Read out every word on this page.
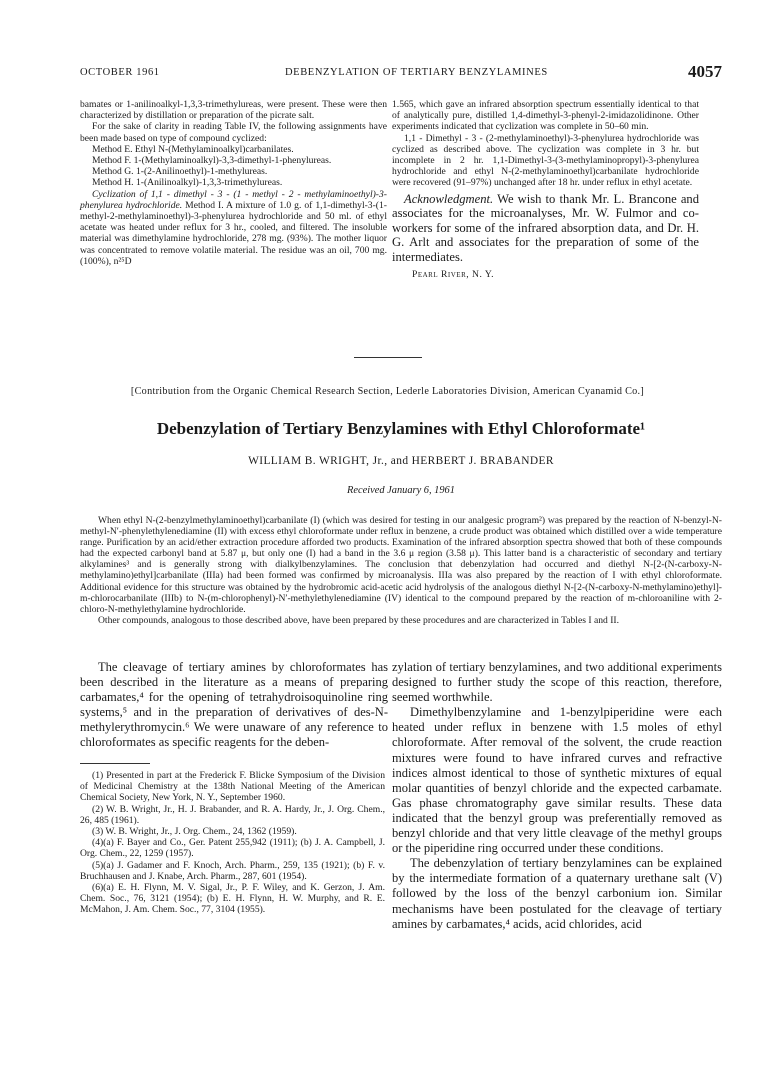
OCTOBER 1961	DEBENZYLATION OF TERTIARY BENZYLAMINES	4057

bamates or 1-anilinoalkyl-1,3,3-trimethylureas, were present. These were then characterized by distillation or preparation of the picrate salt.

For the sake of clarity in reading Table IV, the following assignments have been made based on type of compound cyclized:

Method E. Ethyl N-(Methylaminoalkyl)carbanilates.

Method F. 1-(Methylaminoalkyl)-3,3-dimethyl-1-phenylureas.

Method G. 1-(2-Anilinoethyl)-1-methylureas.

Method H. 1-(Anilinoalkyl)-1,3,3-trimethylureas.

Cyclization of 1,1 - dimethyl - 3 - (1 - methyl - 2 - methylaminoethyl)-3-phenylurea hydrochloride. Method I. A mixture of 1.0 g. of 1,1-dimethyl-3-(1-methyl-2-methylaminoethyl)-3-phenylurea hydrochloride and 50 ml. of ethyl acetate was heated under reflux for 3 hr., cooled, and filtered. The insoluble material was dimethylamine hydrochloride, 278 mg. (93%). The mother liquor was concentrated to remove volatile material. The residue was an oil, 700 mg. (100%), n²⁵D

1.565, which gave an infrared absorption spectrum essentially identical to that of analytically pure, distilled 1,4-dimethyl-3-phenyl-2-imidazolidinone. Other experiments indicated that cyclization was complete in 50–60 min.

1,1 - Dimethyl - 3 - (2-methylaminoethyl)-3-phenylurea hydrochloride was cyclized as described above. The cyclization was complete in 3 hr. but incomplete in 2 hr. 1,1-Dimethyl-3-(3-methylaminopropyl)-3-phenylurea hydrochloride and ethyl N-(2-methylaminoethyl)carbanilate hydrochloride were recovered (91–97%) unchanged after 18 hr. under reflux in ethyl acetate.

Acknowledgment. We wish to thank Mr. L. Brancone and associates for the microanalyses, Mr. W. Fulmor and co-workers for some of the infrared absorption data, and Dr. H. G. Arlt and associates for the preparation of some of the intermediates.

Pearl River, N. Y.

[Contribution from the Organic Chemical Research Section, Lederle Laboratories Division, American Cyanamid Co.]
Debenzylation of Tertiary Benzylamines with Ethyl Chloroformate¹
WILLIAM B. WRIGHT, Jr., and HERBERT J. BRABANDER
Received January 6, 1961

When ethyl N-(2-benzylmethylaminoethyl)carbanilate (I) (which was desired for testing in our analgesic program²) was prepared by the reaction of N-benzyl-N-methyl-N′-phenylethylenediamine (II) with excess ethyl chloroformate under reflux in benzene, a crude product was obtained which distilled over a wide temperature range. Purification by an acid/ether extraction procedure afforded two products. Examination of the infrared absorption spectra showed that both of these compounds had the expected carbonyl band at 5.87 μ, but only one (I) had a band in the 3.6 μ region (3.58 μ). This latter band is a characteristic of secondary and tertiary alkylamines³ and is generally strong with dialkylbenzylamines. The conclusion that debenzylation had occurred and diethyl N-[2-(N-carboxy-N-methylamino)ethyl]carbanilate (IIIa) had been formed was confirmed by microanalysis. IIIa was also prepared by the reaction of I with ethyl chloroformate. Additional evidence for this structure was obtained by the hydrobromic acid-acetic acid hydrolysis of the analogous diethyl N-[2-(N-carboxy-N-methylamino)ethyl]-m-chlorocarbanilate (IIIb) to N-(m-chlorophenyl)-N′-methylethylenediamine (IV) identical to the compound prepared by the reaction of m-chloroaniline with 2-chloro-N-methylethylamine hydrochloride.

Other compounds, analogous to those described above, have been prepared by these procedures and are characterized in Tables I and II.

The cleavage of tertiary amines by chloroformates has been described in the literature as a means of preparing carbamates,⁴ for the opening of tetrahydroisoquinoline ring systems,⁵ and in the preparation of derivatives of des-N-methylerythromycin.⁶ We were unaware of any reference to chloroformates as specific reagents for the deben-

(1) Presented in part at the Frederick F. Blicke Symposium of the Division of Medicinal Chemistry at the 138th National Meeting of the American Chemical Society, New York, N. Y., September 1960.

(2) W. B. Wright, Jr., H. J. Brabander, and R. A. Hardy, Jr., J. Org. Chem., 26, 485 (1961).

(3) W. B. Wright, Jr., J. Org. Chem., 24, 1362 (1959).

(4)(a) F. Bayer and Co., Ger. Patent 255,942 (1911); (b) J. A. Campbell, J. Org. Chem., 22, 1259 (1957).

(5)(a) J. Gadamer and F. Knoch, Arch. Pharm., 259, 135 (1921); (b) F. v. Bruchhausen and J. Knabe, Arch. Pharm., 287, 601 (1954).

(6)(a) E. H. Flynn, M. V. Sigal, Jr., P. F. Wiley, and K. Gerzon, J. Am. Chem. Soc., 76, 3121 (1954); (b) E. H. Flynn, H. W. Murphy, and R. E. McMahon, J. Am. Chem. Soc., 77, 3104 (1955).

zylation of tertiary benzylamines, and two additional experiments designed to further study the scope of this reaction, therefore, seemed worthwhile.

Dimethylbenzylamine and 1-benzylpiperidine were each heated under reflux in benzene with 1.5 moles of ethyl chloroformate. After removal of the solvent, the crude reaction mixtures were found to have infrared curves and refractive indices almost identical to those of synthetic mixtures of equal molar quantities of benzyl chloride and the expected carbamate. Gas phase chromatography gave similar results. These data indicated that the benzyl group was preferentially removed as benzyl chloride and that very little cleavage of the methyl groups or the piperidine ring occurred under these conditions.

The debenzylation of tertiary benzylamines can be explained by the intermediate formation of a quaternary urethane salt (V) followed by the loss of the benzyl carbonium ion. Similar mechanisms have been postulated for the cleavage of tertiary amines by carbamates,⁴ acids, acid chlorides, acid
